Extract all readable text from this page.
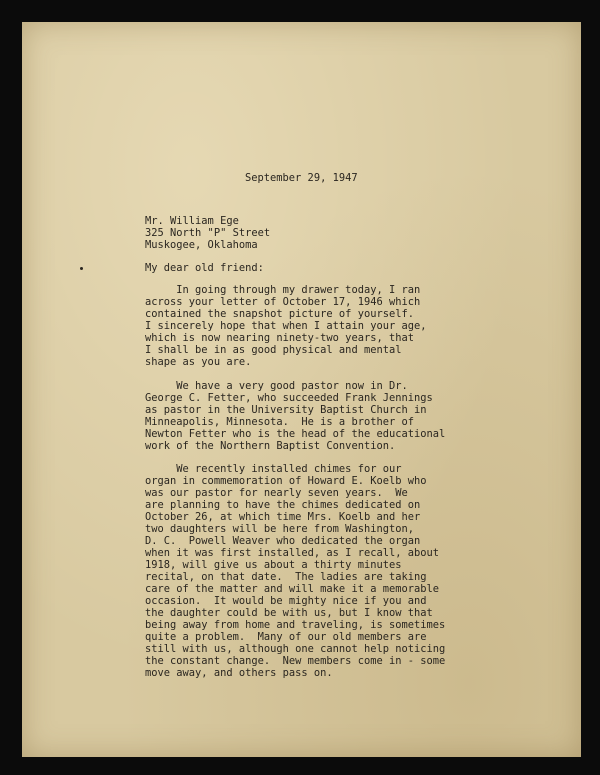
September 29, 1947

Mr. William Ege

325 North "P" Street

Muskogee, Oklahoma

My dear old friend:

In going through my drawer today, I ran

across your letter of October 17, 1946 which

contained the snapshot picture of yourself.

I sincerely hope that when I attain your age,

which is now nearing ninety-two years, that

I shall be in as good physical and mental

shape as you are.

We have a very good pastor now in Dr.

George C. Fetter, who succeeded Frank Jennings

as pastor in the University Baptist Church in

Minneapolis, Minnesota.  He is a brother of

Newton Fetter who is the head of the educational

work of the Northern Baptist Convention.

We recently installed chimes for our

organ in commemoration of Howard E. Koelb who

was our pastor for nearly seven years.  We

are planning to have the chimes dedicated on

October 26, at which time Mrs. Koelb and her

two daughters will be here from Washington,

D. C.  Powell Weaver who dedicated the organ

when it was first installed, as I recall, about

1918, will give us about a thirty minutes

recital, on that date.  The ladies are taking

care of the matter and will make it a memorable

occasion.  It would be mighty nice if you and

the daughter could be with us, but I know that

being away from home and traveling, is sometimes

quite a problem.  Many of our old members are

still with us, although one cannot help noticing

the constant change.  New members come in - some

move away, and others pass on.
